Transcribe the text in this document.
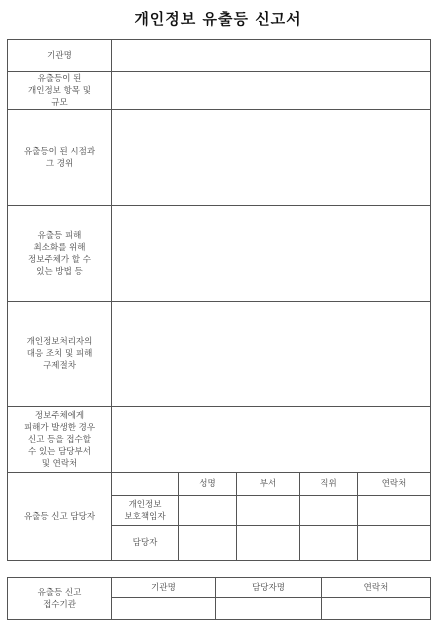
개인정보 유출등 신고서
기관명					
유출등이 된
개인정보 항목 및
규모					
유출등이 된 시점과
그 경위					
유출등 피해
최소화를 위해
정보주체가 할 수
있는 방법 등					
개인정보처리자의
대응 조치 및 피해
구제절차					
정보주체에게
피해가 발생한 경우
신고 등을 접수할
수 있는 담당부서
및 연락처					
유출등 신고 담당자		성명	부서	직위	연락처
	개인정보
보호책임자				
	담당자				
유출등 신고
접수기관	기관명	담당자명	연락처
